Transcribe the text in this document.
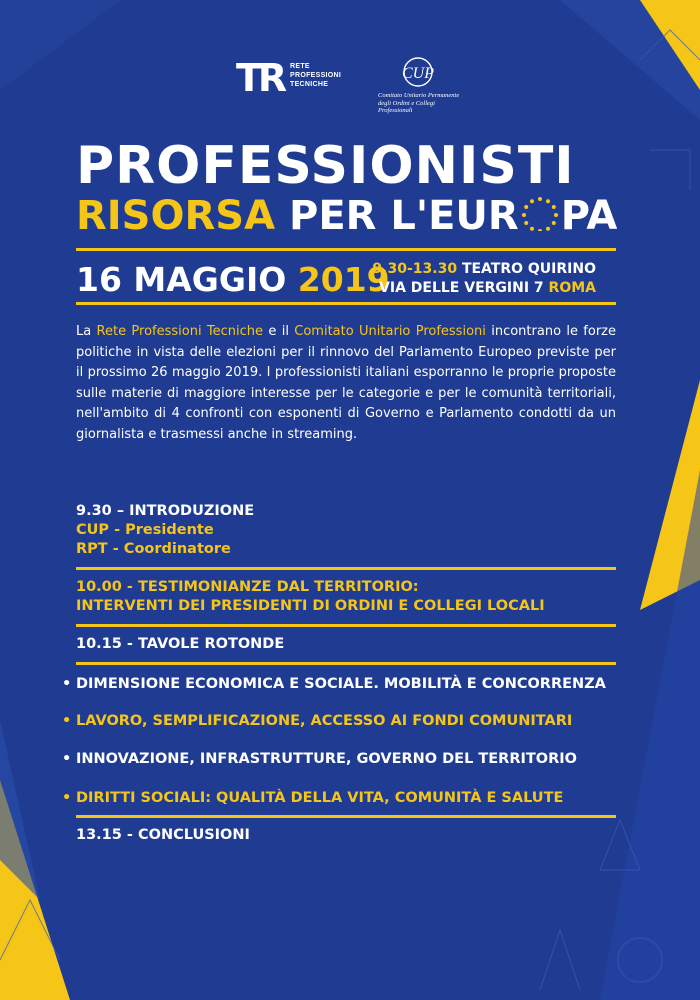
TR RETE
PROFESSIONI
TECNICHE
CUP
Comitato Unitario Permanente
degli Ordini e Collegi Professionali
PROFESSIONISTI
RISORSA PER L'EUR PA
16 MAGGIO 2019
9.30-13.30 TEATRO QUIRINO
VIA DELLE VERGINI 7 ROMA
La Rete Professioni Tecniche e il Comitato Unitario Professioni incontrano le forze politiche in vista delle elezioni per il rinnovo del Parlamento Europeo previste per il prossimo 26 maggio 2019. I professionisti italiani esporranno le proprie proposte sulle materie di maggiore interesse per le categorie e per le comunità territoriali, nell'ambito di 4 confronti con esponenti di Governo e Parlamento condotti da un giornalista e trasmessi anche in streaming.
9.30 – INTRODUZIONE
CUP - Presidente
RPT - Coordinatore
10.00 - TESTIMONIANZE DAL TERRITORIO:
INTERVENTI DEI PRESIDENTI DI ORDINI E COLLEGI LOCALI
10.15 - TAVOLE ROTONDE
• DIMENSIONE ECONOMICA E SOCIALE. MOBILITÀ E CONCORRENZA
• LAVORO, SEMPLIFICAZIONE, ACCESSO AI FONDI COMUNITARI
• INNOVAZIONE, INFRASTRUTTURE, GOVERNO DEL TERRITORIO
• DIRITTI SOCIALI: QUALITÀ DELLA VITA, COMUNITÀ E SALUTE
13.15 - CONCLUSIONI
